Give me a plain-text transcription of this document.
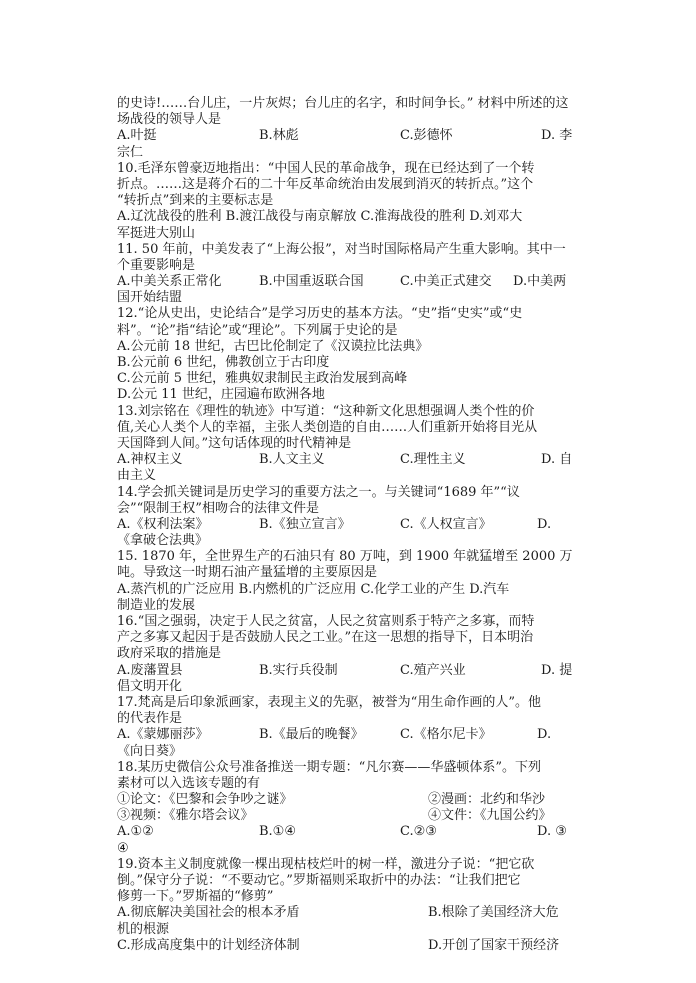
的史诗!……台儿庄，一片灰烬；台儿庄的名字，和时间争长。” 材料中所述的这
场战役的领导人是
A.叶挺	B.林彪	C.彭德怀	D. 李
宗仁
10.毛泽东曾豪迈地指出：“中国人民的革命战争，现在已经达到了一个转
折点。……这是蒋介石的二十年反革命统治由发展到消灭的转折点。”这个
“转折点”到来的主要标志是
A.辽沈战役的胜利 B.渡江战役与南京解放 C.淮海战役的胜利 D.刘邓大
军挺进大别山
11. 50 年前，中美发表了“上海公报”，对当时国际格局产生重大影响。其中一
个重要影响是
A.中美关系正常化	B.中国重返联合国	C.中美正式建交 D.中美两
国开始结盟
12.“论从史出，史论结合”是学习历史的基本方法。“史”指“史实”或“史
料”。“论”指“结论”或“理论”。下列属于史论的是
A.公元前 18 世纪，古巴比伦制定了《汉谟拉比法典》
B.公元前 6 世纪，佛教创立于古印度
C.公元前 5 世纪，雅典奴隶制民主政治发展到高峰
D.公元 11 世纪，庄园遍布欧洲各地
13.刘宗铭在《理性的轨迹》中写道：“这种新文化思想强调人类个性的价
值,关心人类个人的幸福，主张人类创造的自由……人们重新开始将目光从
天国降到人间。”这句话体现的时代精神是
A.神权主义	B.人文主义	C.理性主义	D. 自
由主义
14.学会抓关键词是历史学习的重要方法之一。与关键词“1689 年”“议
会”“限制王权”相吻合的法律文件是
A.《权利法案》	B.《独立宣言》	C.《人权宣言》	D.
《拿破仑法典》
15. 1870 年，全世界生产的石油只有 80 万吨，到 1900 年就猛增至 2000 万
吨。导致这一时期石油产量猛增的主要原因是
A.蒸汽机的广泛应用 B.内燃机的广泛应用 C.化学工业的产生 D.汽车
制造业的发展
16.“国之强弱，决定于人民之贫富，人民之贫富则系于特产之多寡，而特
产之多寡又起因于是否鼓励人民之工业。”在这一思想的指导下，日本明治
政府采取的措施是
A.废藩置县	B.实行兵役制	C.殖产兴业	D. 提
倡文明开化
17.梵高是后印象派画家，表现主义的先驱，被誉为“用生命作画的人”。他
的代表作是
A.《蒙娜丽莎》	B.《最后的晚餐》	C.《格尔尼卡》	D.
《向日葵》
18.某历史微信公众号准备推送一期专题：“凡尔赛——华盛顿体系”。下列
素材可以入选该专题的有
①论文：《巴黎和会争吵之谜》	②漫画：北约和华沙
③视频：《雅尔塔会议》	④文件：《九国公约》
A.①②	B.①④	C.②③	D. ③
④
19.资本主义制度就像一棵出现枯枝烂叶的树一样，激进分子说：“把它砍
倒。”保守分子说：“不要动它。”罗斯福则采取折中的办法：“让我们把它
修剪一下。”罗斯福的“修剪”
A.彻底解决美国社会的根本矛盾	B.根除了美国经济大危
机的根源
C.形成高度集中的计划经济体制	D.开创了国家干预经济
